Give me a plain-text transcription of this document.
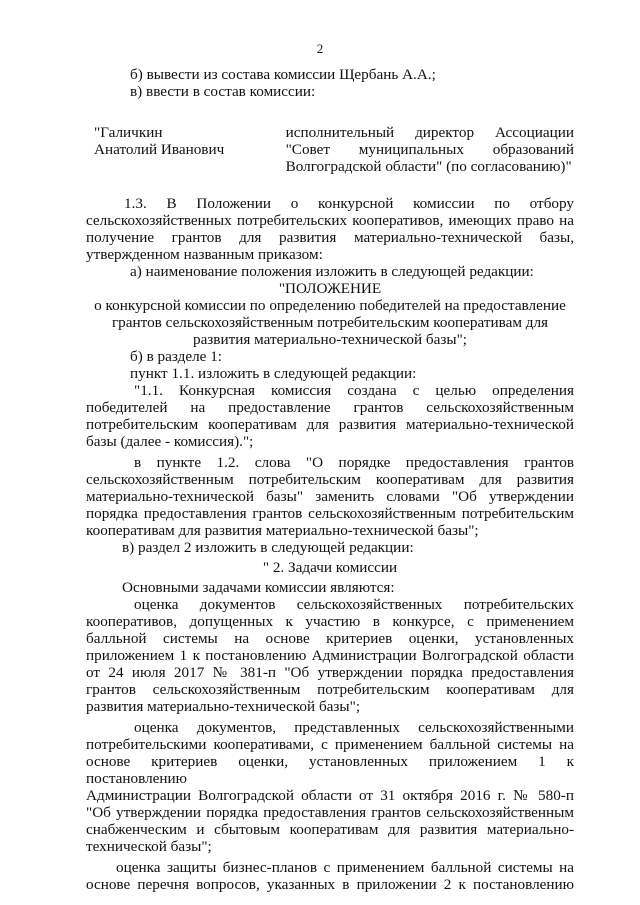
2

б) вывести из состава комиссии Щербань А.А.;

в) ввести в состав комиссии:

"Галичкин

Анатолий Иванович

исполнительный директор Ассоциации

"Совет муниципальных образований

Волгоградской области" (по согласованию)"

1.3. В Положении о конкурсной комиссии по отбору

сельскохозяйственных потребительских кооперативов, имеющих право на

получение грантов для развития материально-технической базы,

утвержденном названным приказом:

а) наименование положения изложить в следующей редакции:

"ПОЛОЖЕНИЕ

о конкурсной комиссии по определению победителей на предоставление

грантов сельскохозяйственным потребительским кооперативам для

развития материально-технической базы";

б) в разделе 1:

пункт 1.1. изложить в следующей редакции:

"1.1. Конкурсная комиссия создана с целью определения

победителей на предоставление грантов сельскохозяйственным

потребительским кооперативам для развития материально-технической

базы (далее - комиссия).";

в пункте 1.2. слова "О порядке предоставления грантов

сельскохозяйственным потребительским кооперативам для развития

материально-технической базы" заменить словами "Об утверждении

порядка предоставления грантов сельскохозяйственным потребительским

кооперативам для развития материально-технической базы";

в) раздел 2 изложить в следующей редакции:

" 2. Задачи комиссии

Основными задачами комиссии являются:

оценка документов сельскохозяйственных потребительских

кооперативов, допущенных к участию в конкурсе, с применением

балльной системы на основе критериев оценки, установленных

приложением 1 к постановлению Администрации Волгоградской области

от 24 июля 2017 № 381-п "Об утверждении порядка предоставления

грантов сельскохозяйственным потребительским кооперативам для

развития материально-технической базы";

оценка документов, представленных сельскохозяйственными

потребительскими кооперативами, с применением балльной системы на

основе критериев оценки, установленных приложением 1 к постановлению

Администрации Волгоградской области от 31 октября 2016 г. № 580-п

"Об утверждении порядка предоставления грантов сельскохозяйственным

снабженческим и сбытовым кооперативам для развития материально-

технической базы";

оценка защиты бизнес-планов с применением балльной системы на

основе перечня вопросов, указанных в приложении 2 к постановлению
